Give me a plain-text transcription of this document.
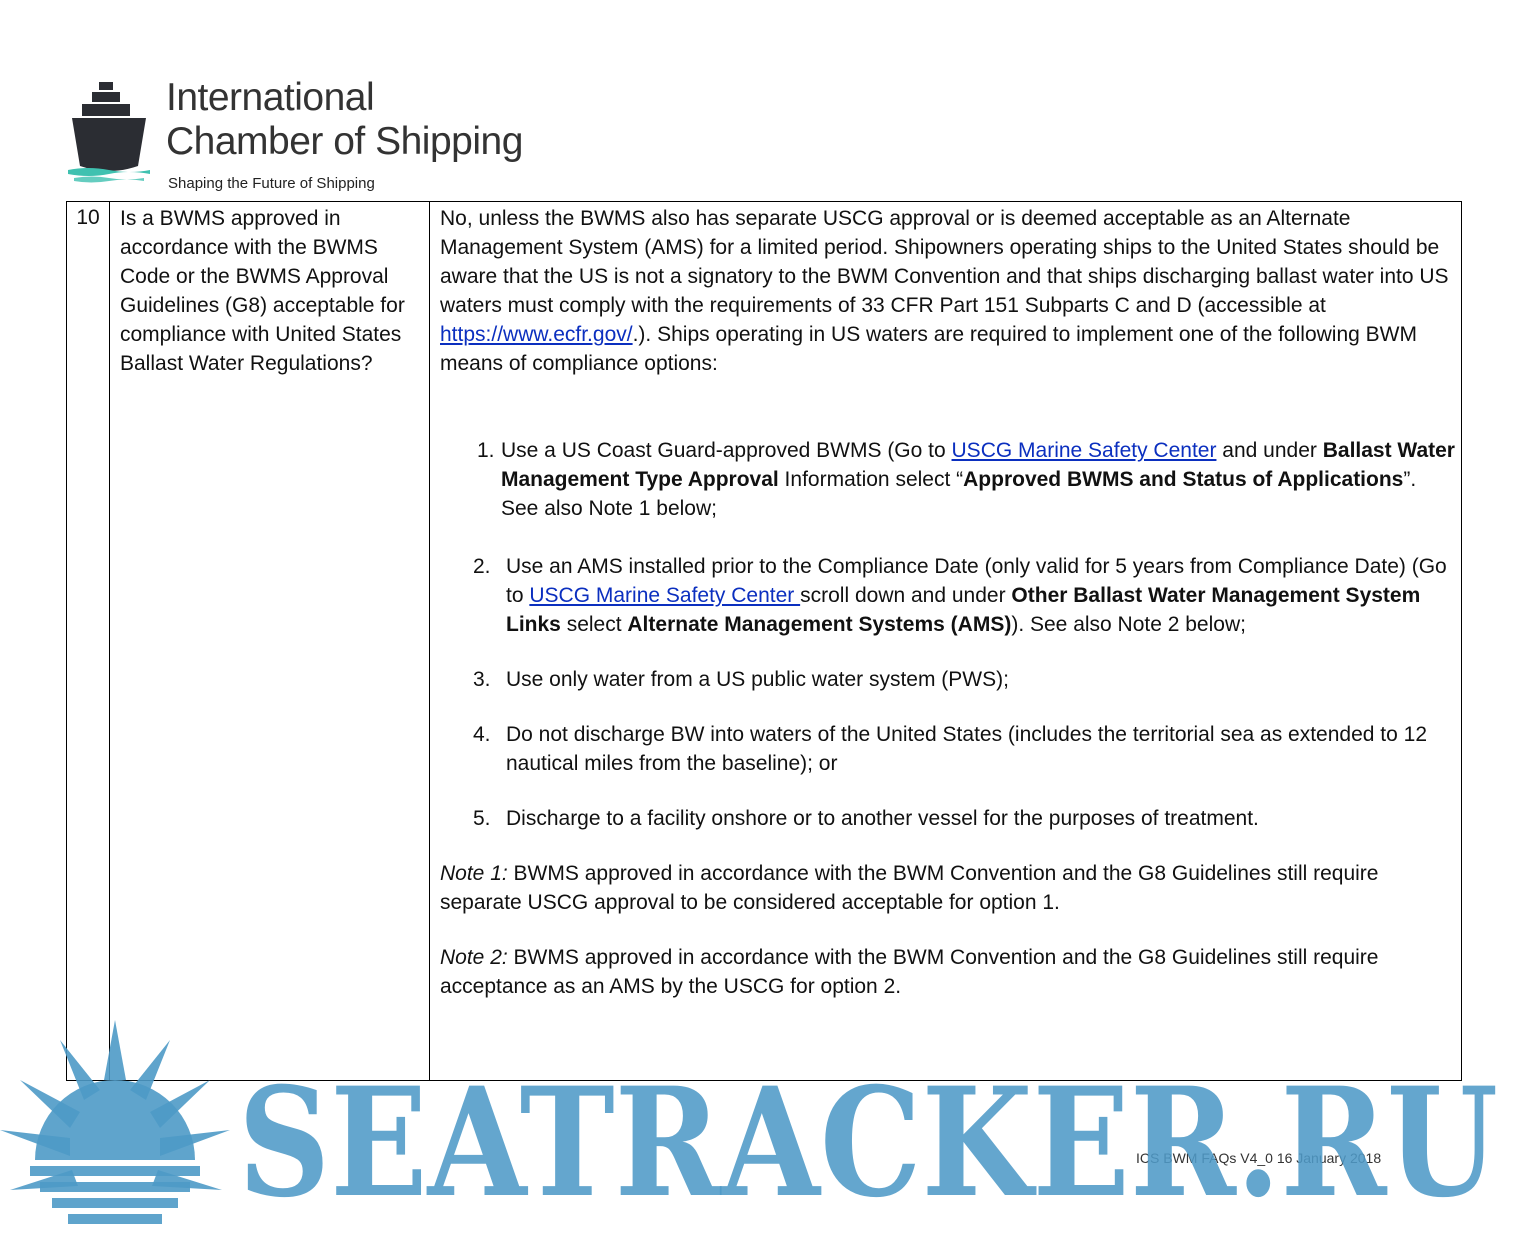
International
Chamber of Shipping
Shaping the Future of Shipping
10 Is a BWMS approved in accordance with the BWMS Code or the BWMS Approval Guidelines (G8) acceptable for compliance with United States Ballast Water Regulations?

No, unless the BWMS also has separate USCG approval or is deemed acceptable as an Alternate Management System (AMS) for a limited period. Shipowners operating ships to the United States should be aware that the US is not a signatory to the BWM Convention and that ships discharging ballast water into US waters must comply with the requirements of 33 CFR Part 151 Subparts C and D (accessible at https://www.ecfr.gov/.). Ships operating in US waters are required to implement one of the following BWM means of compliance options:

1. Use a US Coast Guard-approved BWMS (Go to USCG Marine Safety Center and under Ballast Water Management Type Approval Information select “Approved BWMS and Status of Applications”. See also Note 1 below;
2. Use an AMS installed prior to the Compliance Date (only valid for 5 years from Compliance Date) (Go to USCG Marine Safety Center scroll down and under Other Ballast Water Management System Links select Alternate Management Systems (AMS)). See also Note 2 below;
3. Use only water from a US public water system (PWS);
4. Do not discharge BW into waters of the United States (includes the territorial sea as extended to 12 nautical miles from the baseline); or
5. Discharge to a facility onshore or to another vessel for the purposes of treatment.

Note 1: BWMS approved in accordance with the BWM Convention and the G8 Guidelines still require separate USCG approval to be considered acceptable for option 1.

Note 2: BWMS approved in accordance with the BWM Convention and the G8 Guidelines still require acceptance as an AMS by the USCG for option 2.

ICS BWM FAQs V4_0 16 January 2018
SEATRACKER.RU
